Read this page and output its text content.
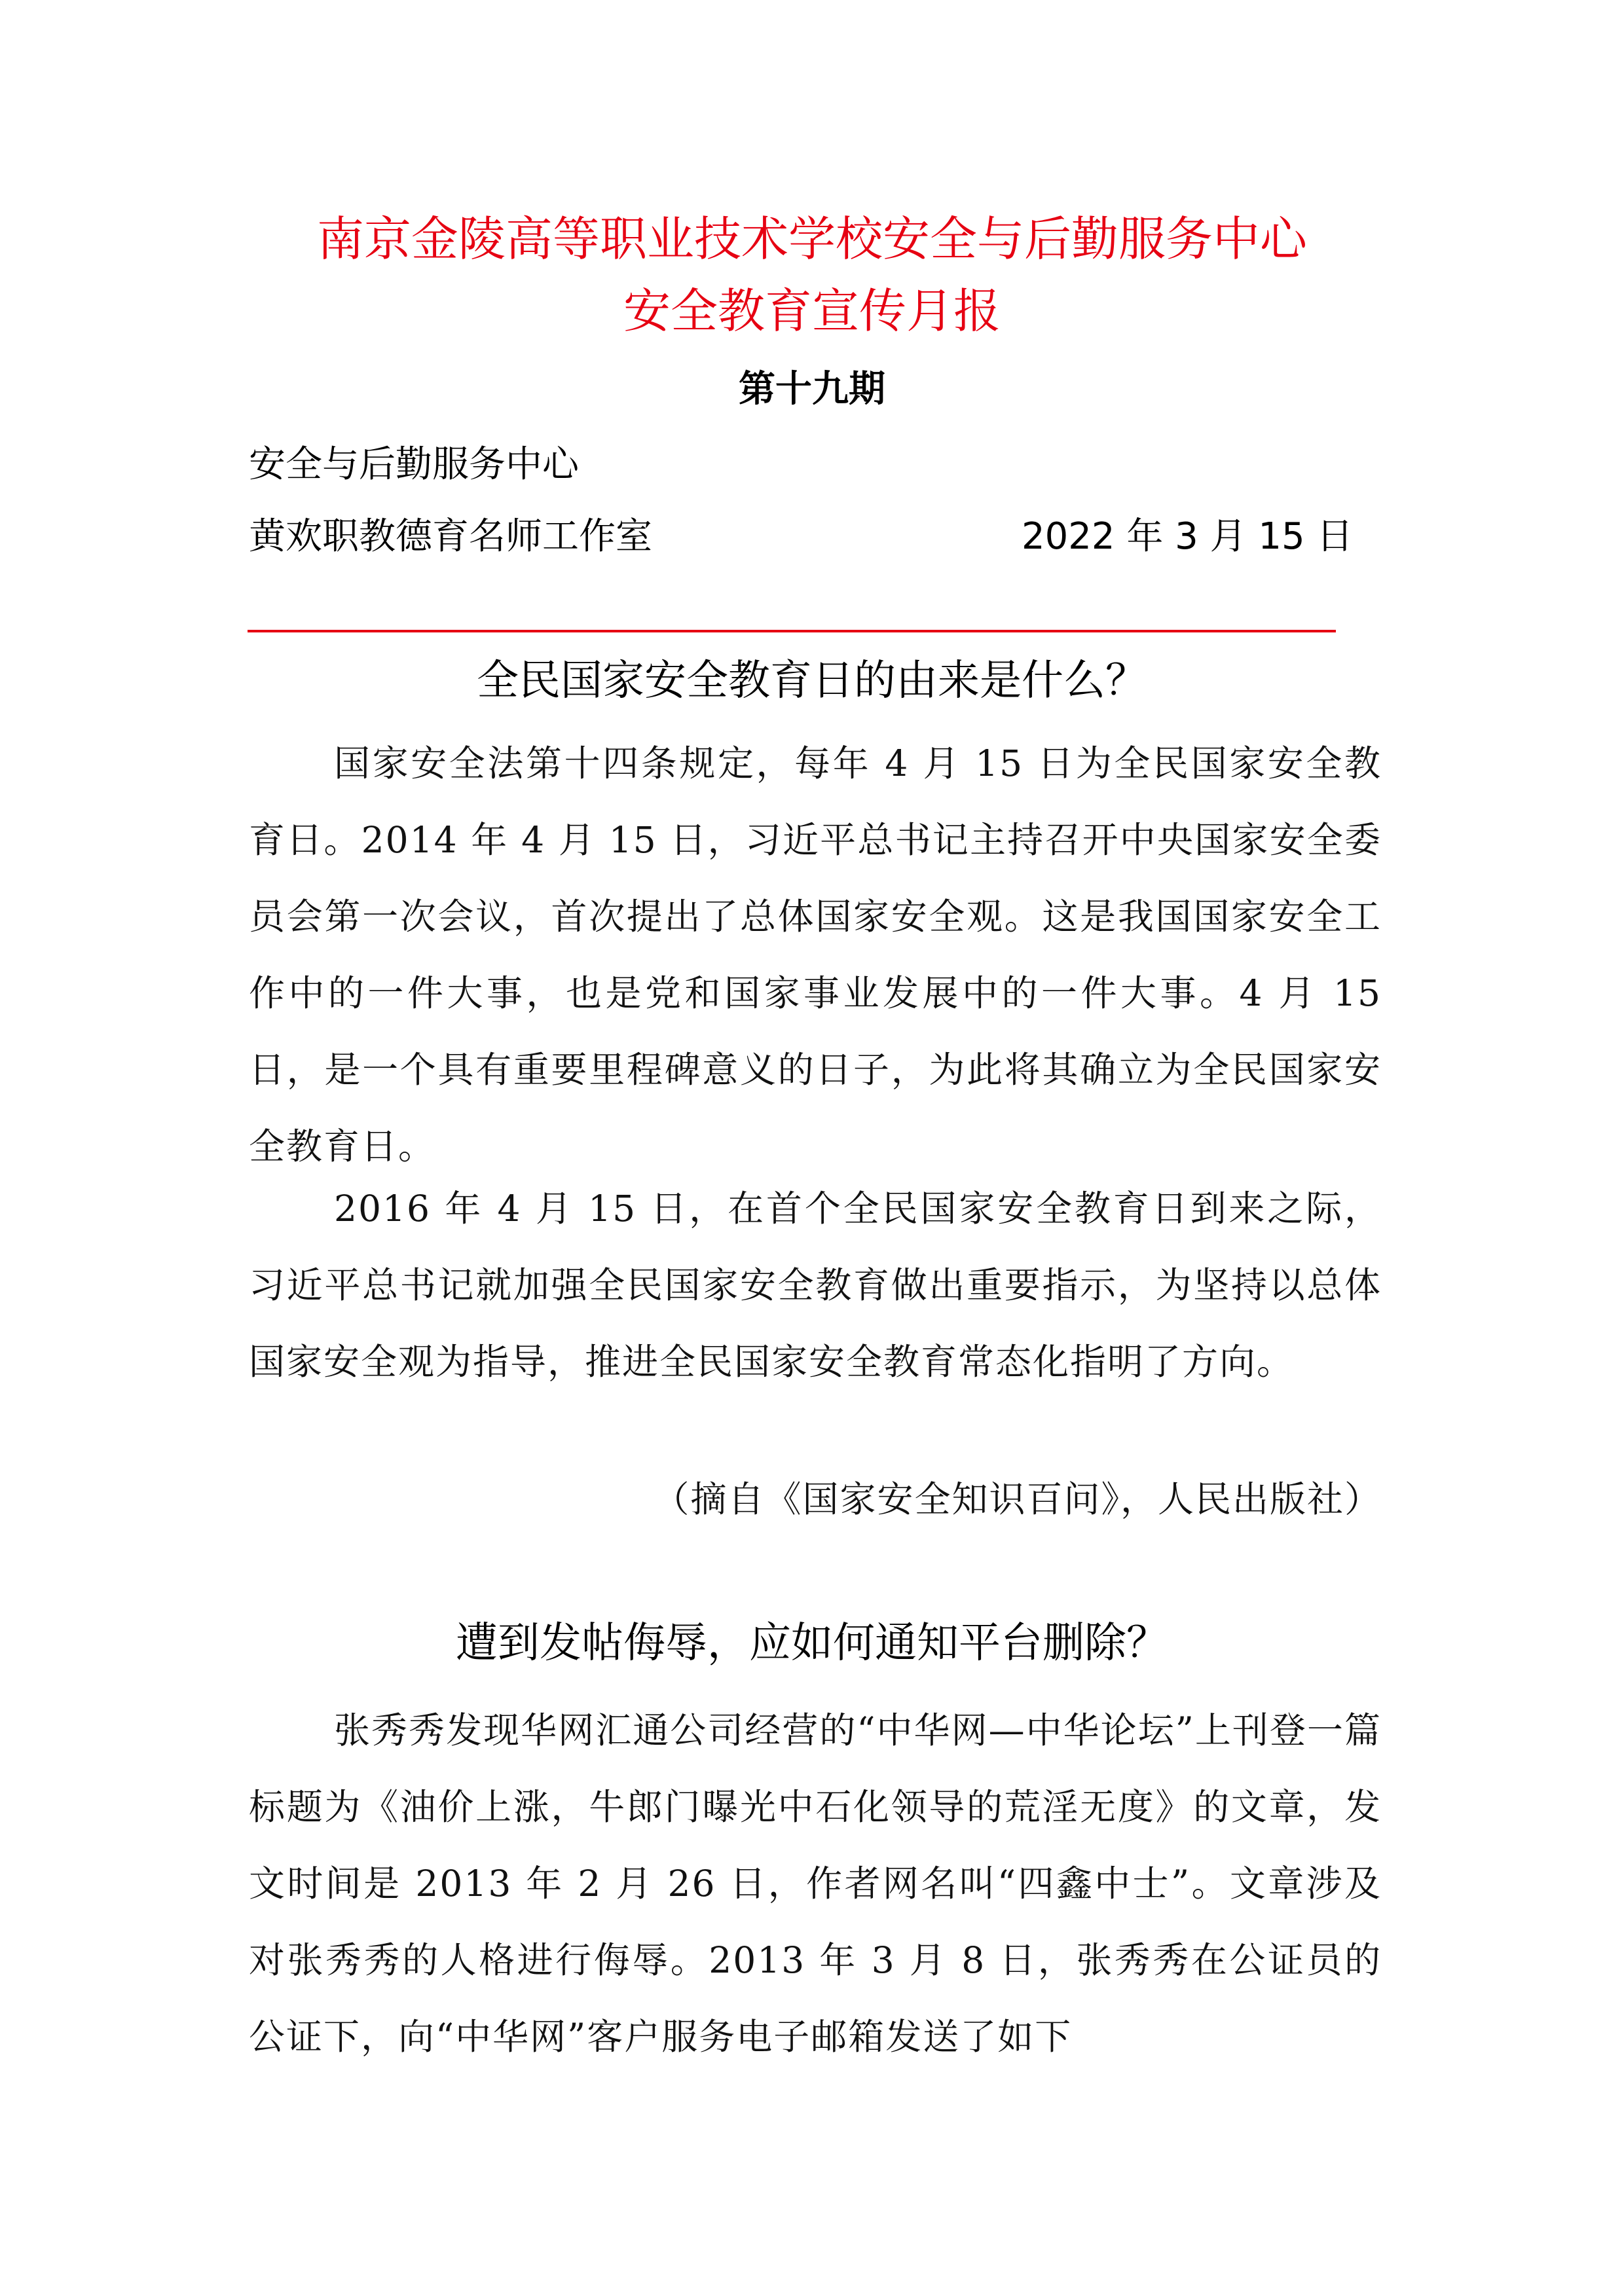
南京金陵高等职业技术学校安全与后勤服务中心
安全教育宣传月报
第十九期
安全与后勤服务中心
黄欢职教德育名师工作室	2022 年 3 月 15 日
全民国家安全教育日的由来是什么？
国家安全法第十四条规定，每年 4 月 15 日为全民国家安全教育日。2014 年 4 月 15 日，习近平总书记主持召开中央国家安全委员会第一次会议，首次提出了总体国家安全观。这是我国国家安全工作中的一件大事，也是党和国家事业发展中的一件大事。4 月 15 日，是一个具有重要里程碑意义的日子，为此将其确立为全民国家安全教育日。
2016 年 4 月 15 日，在首个全民国家安全教育日到来之际，习近平总书记就加强全民国家安全教育做出重要指示，为坚持以总体国家安全观为指导，推进全民国家安全教育常态化指明了方向。
（摘自《国家安全知识百问》，人民出版社）
遭到发帖侮辱，应如何通知平台删除？
张秀秀发现华网汇通公司经营的“中华网—中华论坛”上刊登一篇标题为《油价上涨，牛郎门曝光中石化领导的荒淫无度》的文章，发文时间是 2013 年 2 月 26 日，作者网名叫“四鑫中士”。文章涉及对张秀秀的人格进行侮辱。2013 年 3 月 8 日，张秀秀在公证员的公证下，向“中华网”客户服务电子邮箱发送了如下
